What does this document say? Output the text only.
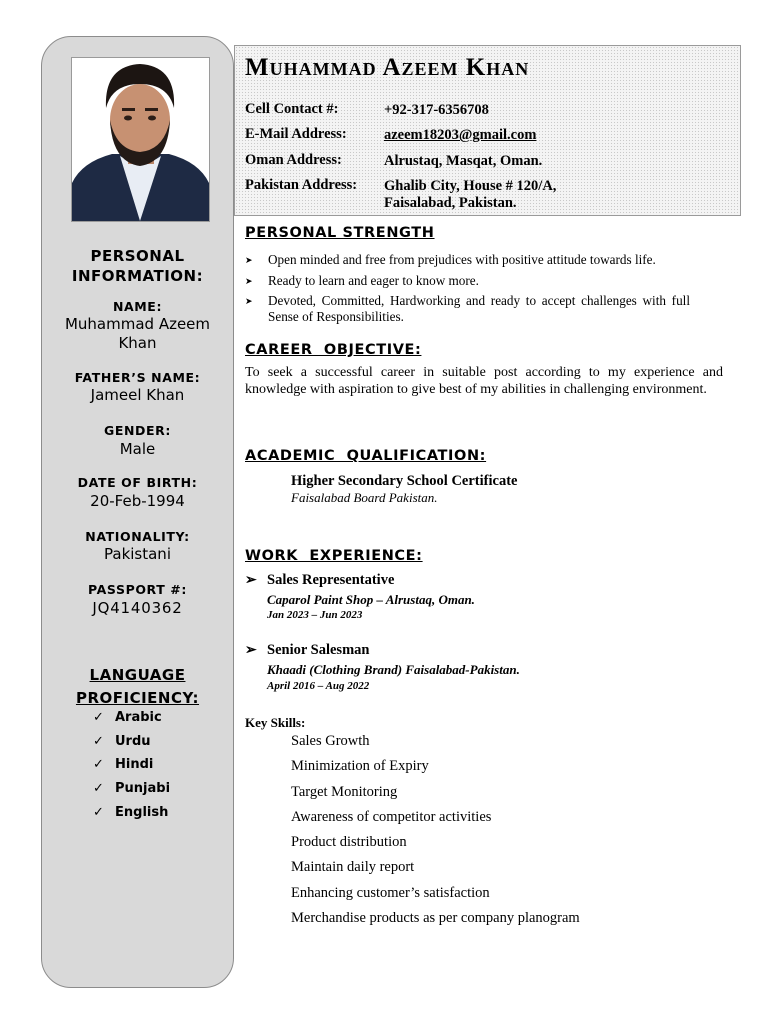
PERSONAL
INFORMATION:
NAME:
Muhammad Azeem
Khan
FATHER’S NAME:
Jameel Khan
GENDER:
Male
DATE OF BIRTH:
20-Feb-1994
NATIONALITY:
Pakistani
PASSPORT #:
JQ4140362
LANGUAGE
PROFICIENCY:
✓ Arabic
✓ Urdu
✓ Hindi
✓ Punjabi
✓ English
Muhammad Azeem Khan
Cell Contact #:	+92-317-6356708
E-Mail Address:	azeem18203@gmail.com
Oman Address:	Alrustaq, Masqat, Oman.
Pakistan Address: Ghalib City, House # 120/A,
Faisalabad, Pakistan.
PERSONAL STRENGTH
➤ Open minded and free from prejudices with positive attitude towards life.
➤ Ready to learn and eager to know more.
➤ Devoted, Committed, Hardworking and ready to accept challenges with full Sense of Responsibilities.
CAREER  OBJECTIVE:
To seek a successful career in suitable post according to my experience and knowledge with aspiration to give best of my abilities in challenging environment.
ACADEMIC  QUALIFICATION:
Higher Secondary School Certificate
Faisalabad Board Pakistan.
WORK  EXPERIENCE:
➢ Sales Representative
Caparol Paint Shop – Alrustaq, Oman.
Jan 2023 – Jun 2023
➢ Senior Salesman
Khaadi (Clothing Brand) Faisalabad-Pakistan.
April 2016 – Aug 2022
Key Skills:
Sales Growth
Minimization of Expiry
Target Monitoring
Awareness of competitor activities
Product distribution
Maintain daily report
Enhancing customer’s satisfaction
Merchandise products as per company planogram
